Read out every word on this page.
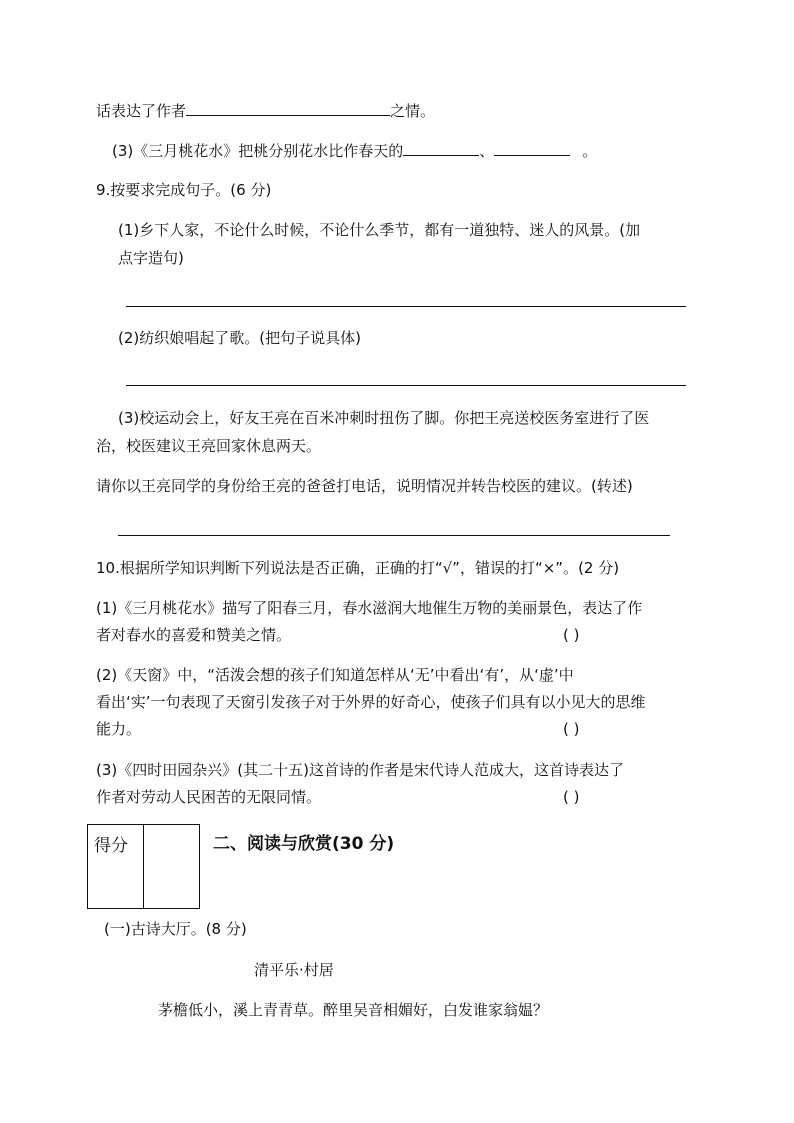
话表达了作者	之情。
(3)《三月桃花水》把桃分别花水比作春天的	、	。
9.按要求完成句子。(6 分)
(1)乡下人家，不论什么时候，不论什么季节，都有一道独特、迷人的风景。(加
点字造句)
(2)纺织娘唱起了歌。(把句子说具体)
(3)校运动会上，好友王亮在百米冲刺时扭伤了脚。你把王亮送校医务室进行了医
治，校医建议王亮回家休息两天。
请你以王亮同学的身份给王亮的爸爸打电话，说明情况并转告校医的建议。(转述)
10.根据所学知识判断下列说法是否正确，正确的打“√”，错误的打“×”。(2 分)
(1)《三月桃花水》描写了阳春三月，春水滋润大地催生万物的美丽景色，表达了作
者对春水的喜爱和赞美之情。	( )
(2)《天窗》中，“活泼会想的孩子们知道怎样从‘无’中看出‘有’，从‘虚’中
看出‘实’一句表现了天窗引发孩子对于外界的好奇心，使孩子们具有以小见大的思维
能力。	( )
(3)《四时田园杂兴》(其二十五)这首诗的作者是宋代诗人范成大，这首诗表达了
作者对劳动人民困苦的无限同情。	( )
得分	二、阅读与欣赏(30 分)
(一)古诗大厅。(8 分)
清平乐·村居
茅檐低小，溪上青青草。醉里吴音相媚好，白发谁家翁媪？
